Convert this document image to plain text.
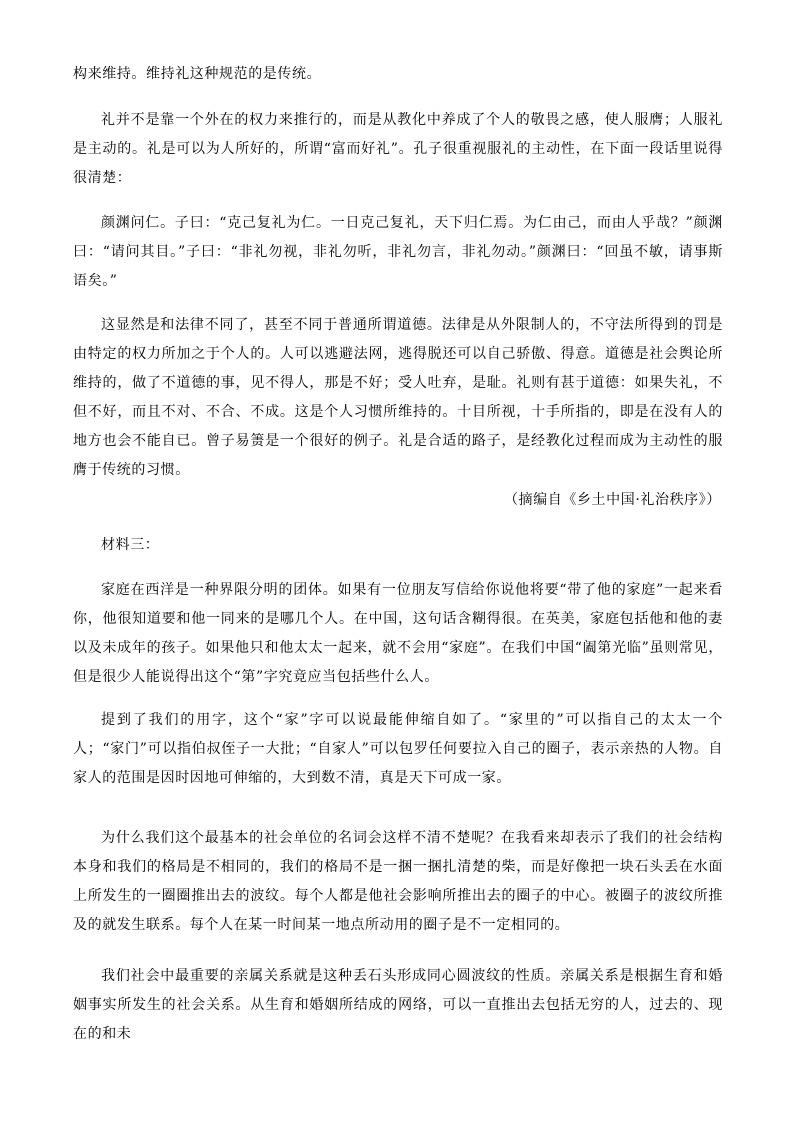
构来维持。维持礼这种规范的是传统。

礼并不是靠一个外在的权力来推行的，而是从教化中养成了个人的敬畏之感，使人服膺；人服礼是主动的。礼是可以为人所好的，所谓“富而好礼”。孔子很重视服礼的主动性，在下面一段话里说得很清楚：

颜渊问仁。子曰：“克己复礼为仁。一日克己复礼，天下归仁焉。为仁由己，而由人乎哉？”颜渊曰：“请问其目。”子曰：“非礼勿视，非礼勿听，非礼勿言，非礼勿动。”颜渊曰：“回虽不敏，请事斯语矣。”

这显然是和法律不同了，甚至不同于普通所谓道德。法律是从外限制人的，不守法所得到的罚是由特定的权力所加之于个人的。人可以逃避法网，逃得脱还可以自己骄傲、得意。道德是社会舆论所维持的，做了不道德的事，见不得人，那是不好；受人吐弃，是耻。礼则有甚于道德：如果失礼，不但不好，而且不对、不合、不成。这是个人习惯所维持的。十目所视，十手所指的，即是在没有人的地方也会不能自已。曾子易箦是一个很好的例子。礼是合适的路子，是经教化过程而成为主动性的服膺于传统的习惯。

（摘编自《乡土中国·礼治秩序》）

材料三：

家庭在西洋是一种界限分明的团体。如果有一位朋友写信给你说他将要“带了他的家庭”一起来看你，他很知道要和他一同来的是哪几个人。在中国，这句话含糊得很。在英美，家庭包括他和他的妻以及未成年的孩子。如果他只和他太太一起来，就不会用“家庭”。在我们中国“阖第光临”虽则常见，但是很少人能说得出这个“第”字究竟应当包括些什么人。

提到了我们的用字，这个“家”字可以说最能伸缩自如了。“家里的”可以指自己的太太一个人；“家门”可以指伯叔侄子一大批；“自家人”可以包罗任何要拉入自己的圈子，表示亲热的人物。自家人的范围是因时因地可伸缩的，大到数不清，真是天下可成一家。

为什么我们这个最基本的社会单位的名词会这样不清不楚呢？在我看来却表示了我们的社会结构本身和我们的格局是不相同的，我们的格局不是一捆一捆扎清楚的柴，而是好像把一块石头丢在水面上所发生的一圈圈推出去的波纹。每个人都是他社会影响所推出去的圈子的中心。被圈子的波纹所推及的就发生联系。每个人在某一时间某一地点所动用的圈子是不一定相同的。

我们社会中最重要的亲属关系就是这种丢石头形成同心圆波纹的性质。亲属关系是根据生育和婚姻事实所发生的社会关系。从生育和婚姻所结成的网络，可以一直推出去包括无穷的人，过去的、现在的和未
